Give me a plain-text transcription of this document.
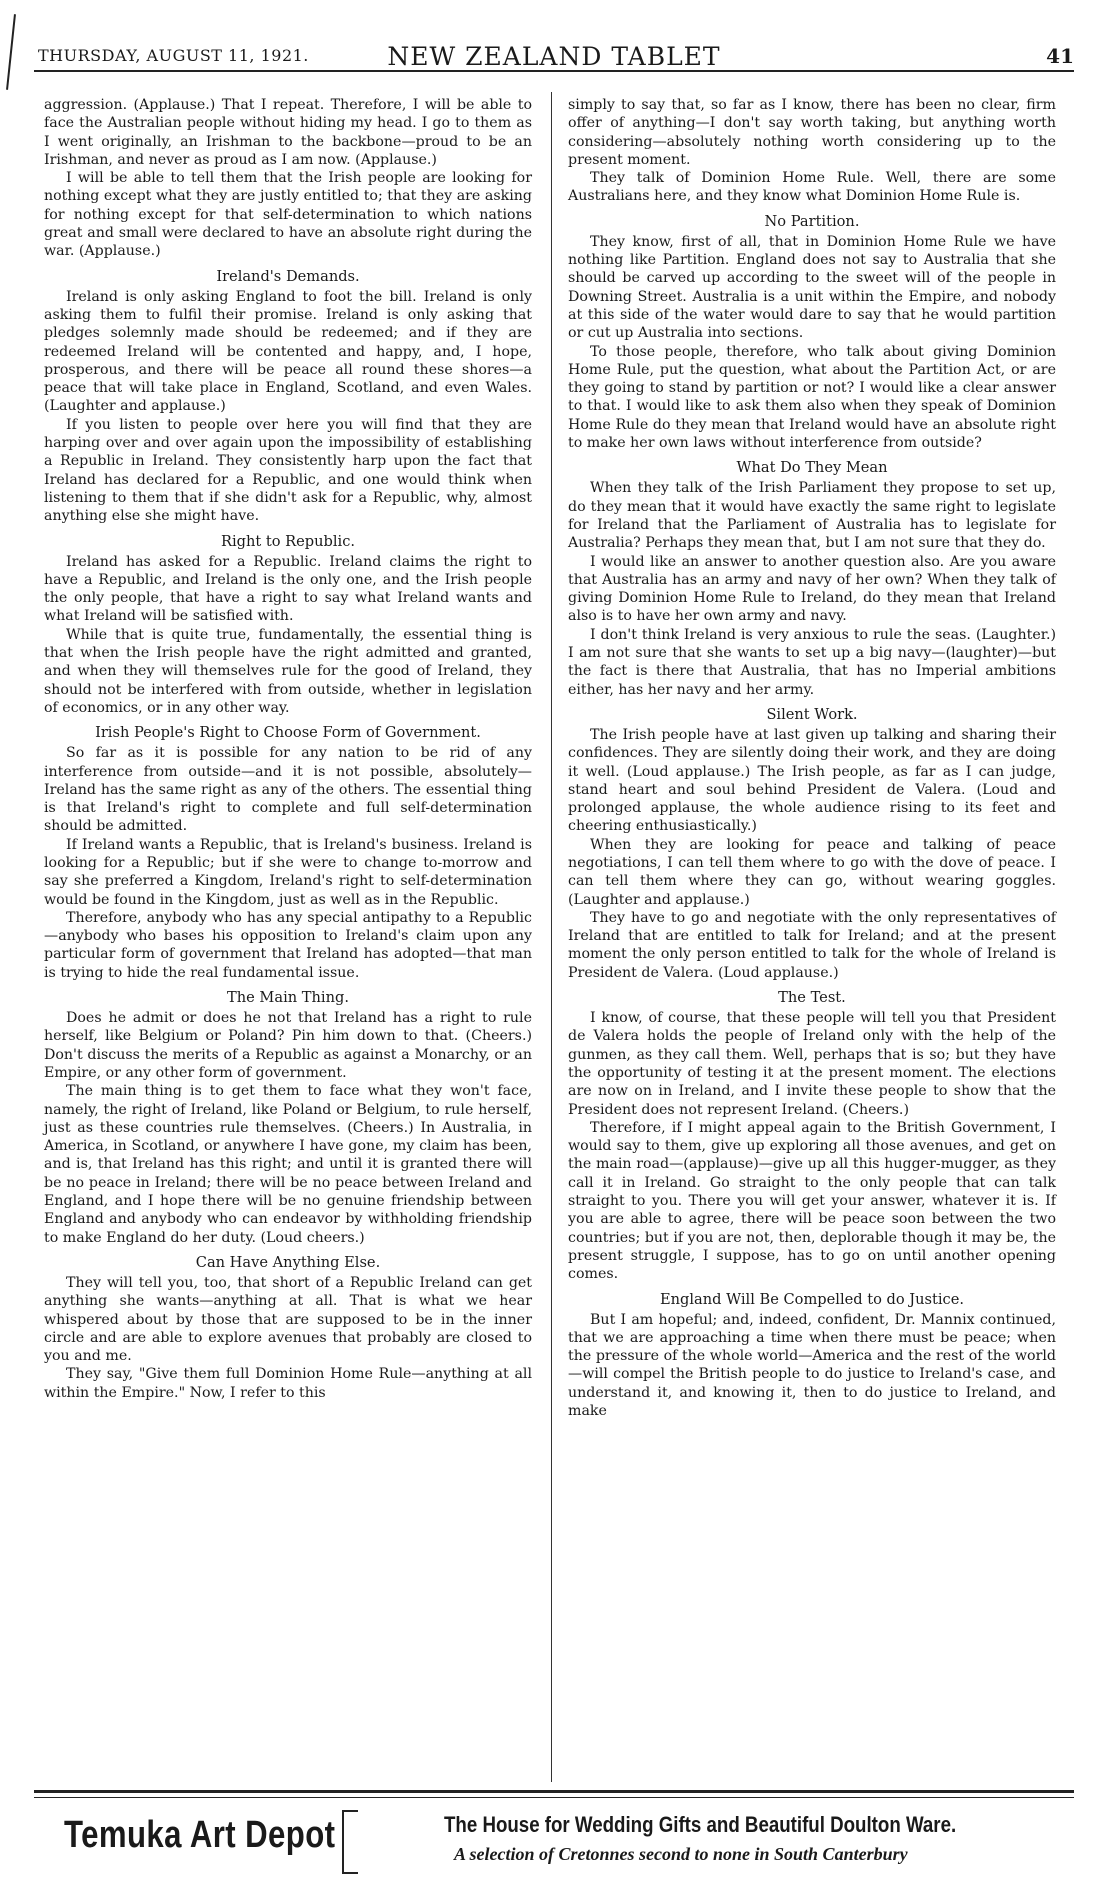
THURSDAY, AUGUST 11, 1921.	NEW ZEALAND TABLET	41

aggression. (Applause.) That I repeat. Therefore, I will be able to face the Australian people without hiding my head. I go to them as I went originally, an Irishman to the backbone—proud to be an Irishman, and never as proud as I am now. (Applause.)

I will be able to tell them that the Irish people are looking for nothing except what they are justly entitled to; that they are asking for nothing except for that self-determination to which nations great and small were declared to have an absolute right during the war. (Applause.)

Ireland's Demands.

Ireland is only asking England to foot the bill. Ireland is only asking them to fulfil their promise. Ireland is only asking that pledges solemnly made should be redeemed; and if they are redeemed Ireland will be contented and happy, and, I hope, prosperous, and there will be peace all round these shores—a peace that will take place in England, Scotland, and even Wales. (Laughter and applause.)

If you listen to people over here you will find that they are harping over and over again upon the impossibility of establishing a Republic in Ireland. They consistently harp upon the fact that Ireland has declared for a Republic, and one would think when listening to them that if she didn't ask for a Republic, why, almost anything else she might have.

Right to Republic.

Ireland has asked for a Republic. Ireland claims the right to have a Republic, and Ireland is the only one, and the Irish people the only people, that have a right to say what Ireland wants and what Ireland will be satisfied with.

While that is quite true, fundamentally, the essential thing is that when the Irish people have the right admitted and granted, and when they will themselves rule for the good of Ireland, they should not be interfered with from outside, whether in legislation of economics, or in any other way.

Irish People's Right to Choose Form of Government.

So far as it is possible for any nation to be rid of any interference from outside—and it is not possible, absolutely—Ireland has the same right as any of the others. The essential thing is that Ireland's right to complete and full self-determination should be admitted.

If Ireland wants a Republic, that is Ireland's business. Ireland is looking for a Republic; but if she were to change to-morrow and say she preferred a Kingdom, Ireland's right to self-determination would be found in the Kingdom, just as well as in the Republic.

Therefore, anybody who has any special antipathy to a Republic—anybody who bases his opposition to Ireland's claim upon any particular form of government that Ireland has adopted—that man is trying to hide the real fundamental issue.

The Main Thing.

Does he admit or does he not that Ireland has a right to rule herself, like Belgium or Poland? Pin him down to that. (Cheers.) Don't discuss the merits of a Republic as against a Monarchy, or an Empire, or any other form of government.

The main thing is to get them to face what they won't face, namely, the right of Ireland, like Poland or Belgium, to rule herself, just as these countries rule themselves. (Cheers.) In Australia, in America, in Scotland, or anywhere I have gone, my claim has been, and is, that Ireland has this right; and until it is granted there will be no peace in Ireland; there will be no peace between Ireland and England, and I hope there will be no genuine friendship between England and anybody who can endeavor by withholding friendship to make England do her duty. (Loud cheers.)

Can Have Anything Else.

They will tell you, too, that short of a Republic Ireland can get anything she wants—anything at all. That is what we hear whispered about by those that are supposed to be in the inner circle and are able to explore avenues that probably are closed to you and me.

They say, "Give them full Dominion Home Rule—anything at all within the Empire." Now, I refer to this

simply to say that, so far as I know, there has been no clear, firm offer of anything—I don't say worth taking, but anything worth considering—absolutely nothing worth considering up to the present moment.

They talk of Dominion Home Rule. Well, there are some Australians here, and they know what Dominion Home Rule is.

No Partition.

They know, first of all, that in Dominion Home Rule we have nothing like Partition. England does not say to Australia that she should be carved up according to the sweet will of the people in Downing Street. Australia is a unit within the Empire, and nobody at this side of the water would dare to say that he would partition or cut up Australia into sections.

To those people, therefore, who talk about giving Dominion Home Rule, put the question, what about the Partition Act, or are they going to stand by partition or not? I would like a clear answer to that. I would like to ask them also when they speak of Dominion Home Rule do they mean that Ireland would have an absolute right to make her own laws without interference from outside?

What Do They Mean

When they talk of the Irish Parliament they propose to set up, do they mean that it would have exactly the same right to legislate for Ireland that the Parliament of Australia has to legislate for Australia? Perhaps they mean that, but I am not sure that they do.

I would like an answer to another question also. Are you aware that Australia has an army and navy of her own? When they talk of giving Dominion Home Rule to Ireland, do they mean that Ireland also is to have her own army and navy.

I don't think Ireland is very anxious to rule the seas. (Laughter.) I am not sure that she wants to set up a big navy—(laughter)—but the fact is there that Australia, that has no Imperial ambitions either, has her navy and her army.

Silent Work.

The Irish people have at last given up talking and sharing their confidences. They are silently doing their work, and they are doing it well. (Loud applause.) The Irish people, as far as I can judge, stand heart and soul behind President de Valera. (Loud and prolonged applause, the whole audience rising to its feet and cheering enthusiastically.)

When they are looking for peace and talking of peace negotiations, I can tell them where to go with the dove of peace. I can tell them where they can go, without wearing goggles. (Laughter and applause.)

They have to go and negotiate with the only representatives of Ireland that are entitled to talk for Ireland; and at the present moment the only person entitled to talk for the whole of Ireland is President de Valera. (Loud applause.)

The Test.

I know, of course, that these people will tell you that President de Valera holds the people of Ireland only with the help of the gunmen, as they call them. Well, perhaps that is so; but they have the opportunity of testing it at the present moment. The elections are now on in Ireland, and I invite these people to show that the President does not represent Ireland. (Cheers.)

Therefore, if I might appeal again to the British Government, I would say to them, give up exploring all those avenues, and get on the main road—(applause)—give up all this hugger-mugger, as they call it in Ireland. Go straight to the only people that can talk straight to you. There you will get your answer, whatever it is. If you are able to agree, there will be peace soon between the two countries; but if you are not, then, deplorable though it may be, the present struggle, I suppose, has to go on until another opening comes.

England Will Be Compelled to do Justice.

But I am hopeful; and, indeed, confident, Dr. Mannix continued, that we are approaching a time when there must be peace; when the pressure of the whole world—America and the rest of the world—will compel the British people to do justice to Ireland's case, and understand it, and knowing it, then to do justice to Ireland, and make

Temuka Art Depot	The House for Wedding Gifts and Beautiful Doulton Ware.
A selection of Cretonnes second to none in South Canterbury
